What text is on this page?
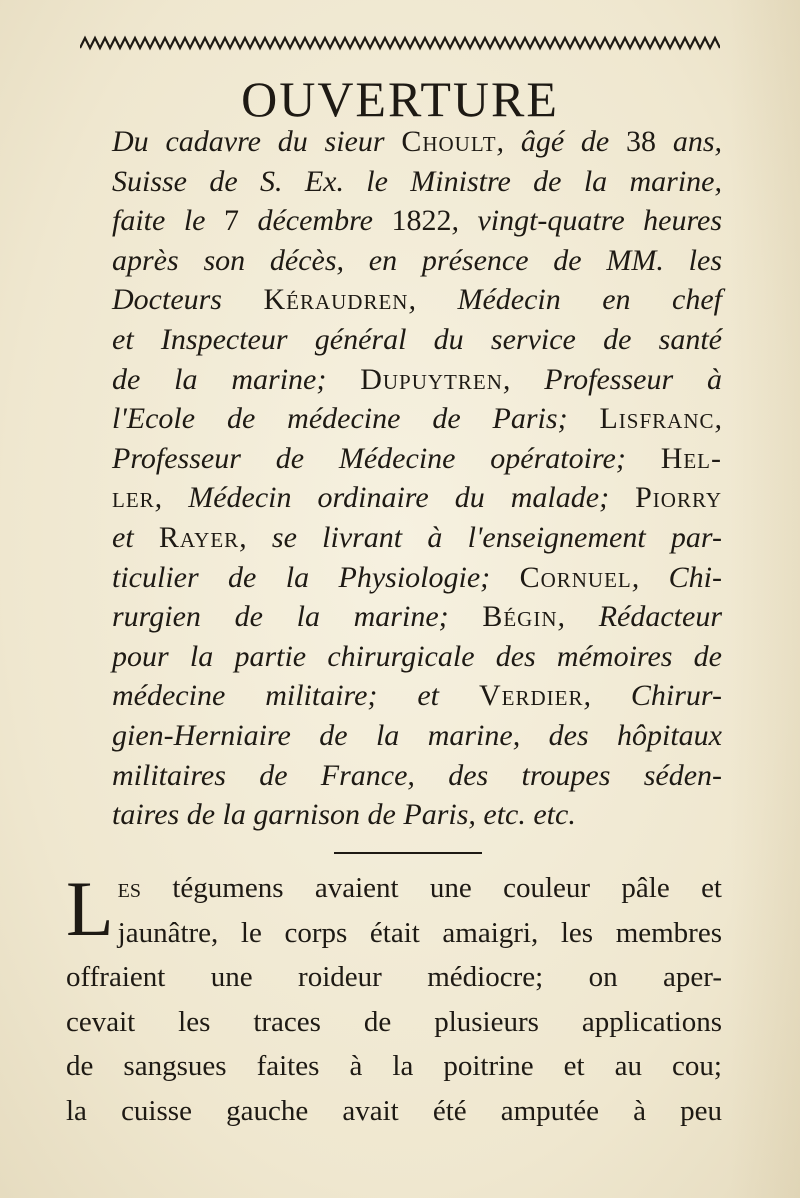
OUVERTURE
Du cadavre du sieur Choult, âgé de 38 ans,
Suisse de S. Ex. le Ministre de la marine,
faite le 7 décembre 1822, vingt-quatre heures
après son décès, en présence de MM. les
Docteurs Kéraudren, Médecin en chef
et Inspecteur général du service de santé
de la marine; Dupuytren, Professeur à
l'Ecole de médecine de Paris; Lisfranc,
Professeur de Médecine opératoire; Hel-
ler, Médecin ordinaire du malade; Piorry
et Rayer, se livrant à l'enseignement par-
ticulier de la Physiologie; Cornuel, Chi-
rurgien de la marine; Bégin, Rédacteur
pour la partie chirurgicale des mémoires de
médecine militaire; et Verdier, Chirur-
gien-Herniaire de la marine, des hôpitaux
militaires de France, des troupes séden-
taires de la garnison de Paris, etc. etc.
L es tégumens avaient une couleur pâle et
jaunâtre, le corps était amaigri, les membres
offraient une roideur médiocre; on aper-
cevait les traces de plusieurs applications
de sangsues faites à la poitrine et au cou;
la cuisse gauche avait été amputée à peu
